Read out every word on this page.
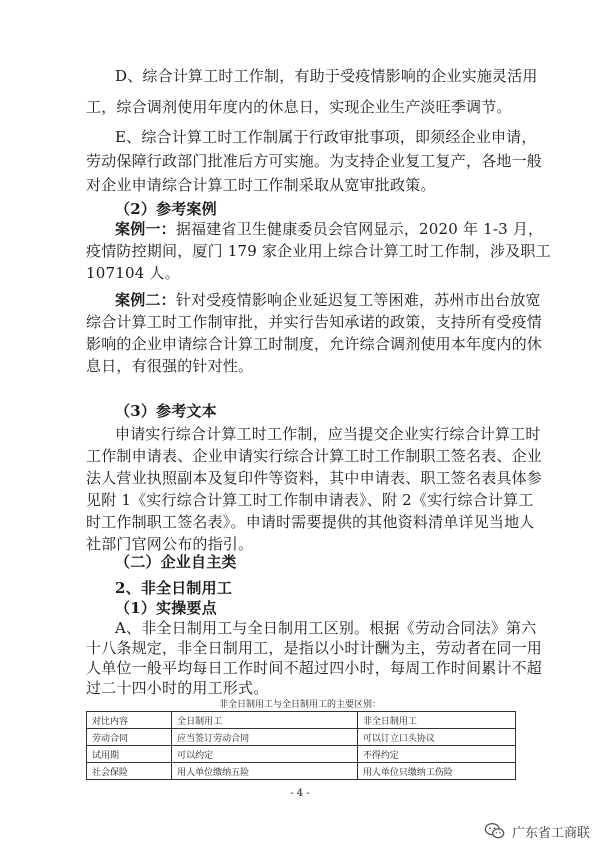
D、综合计算工时工作制，有助于受疫情影响的企业实施灵活用
工，综合调剂使用年度内的休息日，实现企业生产淡旺季调节。
E、综合计算工时工作制属于行政审批事项，即须经企业申请，
劳动保障行政部门批准后方可实施。为支持企业复工复产，各地一般
对企业申请综合计算工时工作制采取从宽审批政策。
（2）参考案例
案例一：据福建省卫生健康委员会官网显示，2020 年 1-3 月，
疫情防控期间，厦门 179 家企业用上综合计算工时工作制，涉及职工
107104 人。
案例二：针对受疫情影响企业延迟复工等困难，苏州市出台放宽
综合计算工时工作制审批，并实行告知承诺的政策，支持所有受疫情
影响的企业申请综合计算工时制度，允许综合调剂使用本年度内的休
息日，有很强的针对性。
（3）参考文本
申请实行综合计算工时工作制，应当提交企业实行综合计算工时
工作制申请表、企业申请实行综合计算工时工作制职工签名表、企业
法人营业执照副本及复印件等资料，其中申请表、职工签名表具体参
见附 1《实行综合计算工时工作制申请表》、附 2《实行综合计算工
时工作制职工签名表》。申请时需要提供的其他资料清单详见当地人
社部门官网公布的指引。
（二）企业自主类
2、非全日制用工
（1）实操要点
A、非全日制用工与全日制用工区别。根据《劳动合同法》第六
十八条规定，非全日制用工，是指以小时计酬为主，劳动者在同一用
人单位一般平均每日工作时间不超过四小时，每周工作时间累计不超
过二十四小时的用工形式。
非全日制用工与全日制用工的主要区别：
对比内容	全日制用工	非全日制用工
劳动合同	应当签订劳动合同	可以订立口头协议
试用期	可以约定	不得约定
社会保险	用人单位缴纳五险	用人单位只缴纳工伤险
- 4 -
广东省工商联
